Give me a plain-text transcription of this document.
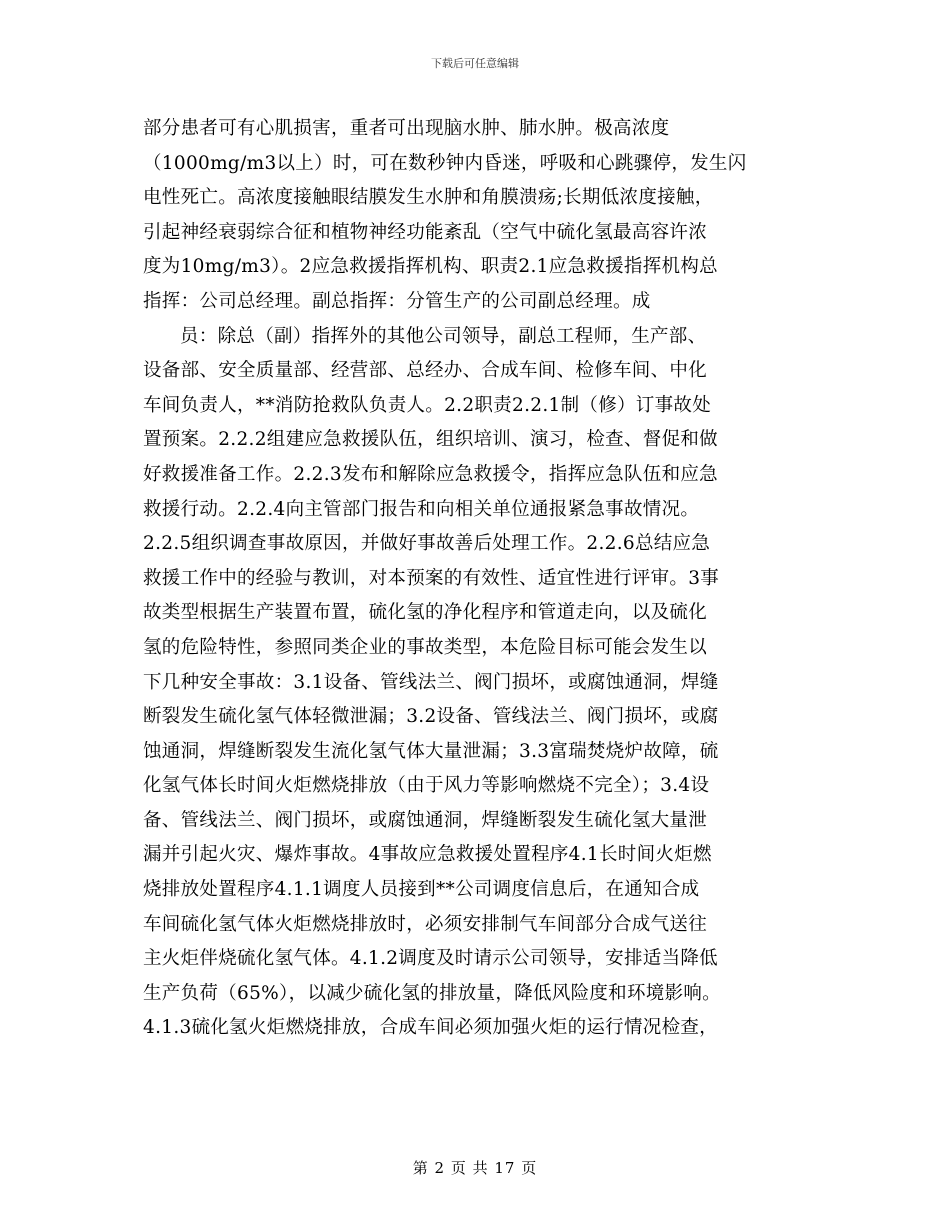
下载后可任意编辑
部分患者可有心肌损害，重者可出现脑水肿、肺水肿。极高浓度
（1000mg/m3以上）时，可在数秒钟内昏迷，呼吸和心跳骤停，发生闪
电性死亡。高浓度接触眼结膜发生水肿和角膜溃疡;长期低浓度接触，
引起神经衰弱综合征和植物神经功能紊乱（空气中硫化氢最高容许浓
度为10mg/m3）。2应急救援指挥机构、职责2.1应急救援指挥机构总
指挥：公司总经理。副总指挥：分管生产的公司副总经理。成
员：除总（副）指挥外的其他公司领导，副总工程师，生产部、
设备部、安全质量部、经营部、总经办、合成车间、检修车间、中化
车间负责人，**消防抢救队负责人。2.2职责2.2.1制（修）订事故处
置预案。2.2.2组建应急救援队伍，组织培训、演习，检查、督促和做
好救援准备工作。2.2.3发布和解除应急救援令，指挥应急队伍和应急
救援行动。2.2.4向主管部门报告和向相关单位通报紧急事故情况。
2.2.5组织调查事故原因，并做好事故善后处理工作。2.2.6总结应急
救援工作中的经验与教训，对本预案的有效性、适宜性进行评审。3事
故类型根据生产装置布置，硫化氢的净化程序和管道走向，以及硫化
氢的危险特性，参照同类企业的事故类型，本危险目标可能会发生以
下几种安全事故：3.1设备、管线法兰、阀门损坏，或腐蚀通洞，焊缝
断裂发生硫化氢气体轻微泄漏；3.2设备、管线法兰、阀门损坏，或腐
蚀通洞，焊缝断裂发生流化氢气体大量泄漏；3.3富瑞焚烧炉故障，硫
化氢气体长时间火炬燃烧排放（由于风力等影响燃烧不完全）；3.4设
备、管线法兰、阀门损坏，或腐蚀通洞，焊缝断裂发生硫化氢大量泄
漏并引起火灾、爆炸事故。4事故应急救援处置程序4.1长时间火炬燃
烧排放处置程序4.1.1调度人员接到**公司调度信息后，在通知合成
车间硫化氢气体火炬燃烧排放时，必须安排制气车间部分合成气送往
主火炬伴烧硫化氢气体。4.1.2调度及时请示公司领导，安排适当降低
生产负荷（65%），以减少硫化氢的排放量，降低风险度和环境影响。
4.1.3硫化氢火炬燃烧排放，合成车间必须加强火炬的运行情况检查，
第 2 页 共 17 页
